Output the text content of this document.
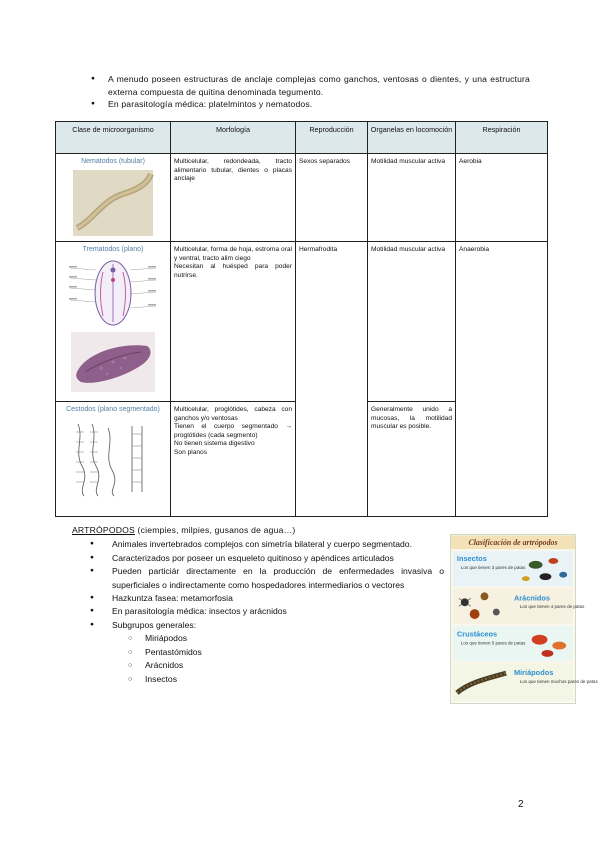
● A menudo poseen estructuras de anclaje complejas como ganchos, ventosas o dientes, y una estructura externa compuesta de quitina denominada tegumento.
● En parasitología médica: platelmintos y nematodos.
Clase de microorganismo	Morfología	Reproducción	Organelas en locomoción	Respiración

Nematodos (tubular)	Multicelular, redondeada, tracto alimentario tubular, dientes o placas anclaje	Sexos separados	Motilidad muscular activa	Aerobia

Trematodos (plano)	Multicelular, forma de hoja, estroma oral y ventral, tracto alim ciego
Necesitan al huésped para poder nutrirse.	Hermafrodita	Motilidad muscular activa	Anaerobia

Cestodos (plano segmentado)	Multicelular, proglótides, cabeza con ganchos y/o ventosas
Tienen el cuerpo segmentado → proglótides (cada segmento)
No tienen sistema digestivo
Son planos		Generalmente unido a mucosas, la motilidad muscular es posible.	
ARTRÓPODOS (ciempies, milpies, gusanos de agua…)
● Animales invertebrados complejos con simetría bilateral y cuerpo segmentado.
● Caracterizados por poseer un esqueleto quitinoso y apéndices articulados
● Pueden particiár directamente en la producción de enfermedades invasiva o superficiales o indirectamente como hospedadores intermediarios o vectores
● Hazkuntza fasea: metamorfosia
● En parasitología médica: insectos y arácnidos
● Subgrupos generales:
○ Miriápodos
○ Pentastómidos
○ Arácnidos
○ Insectos
Clasificación de artrópodos
Insectos
Los que tienen 3 pares de patas
Arácnidos
Los que tienen 4 pares de patas
Crustáceos
Los que tienen 5 pares de patas
Miriápodos
Los que tienen muchos pares de patas
2
